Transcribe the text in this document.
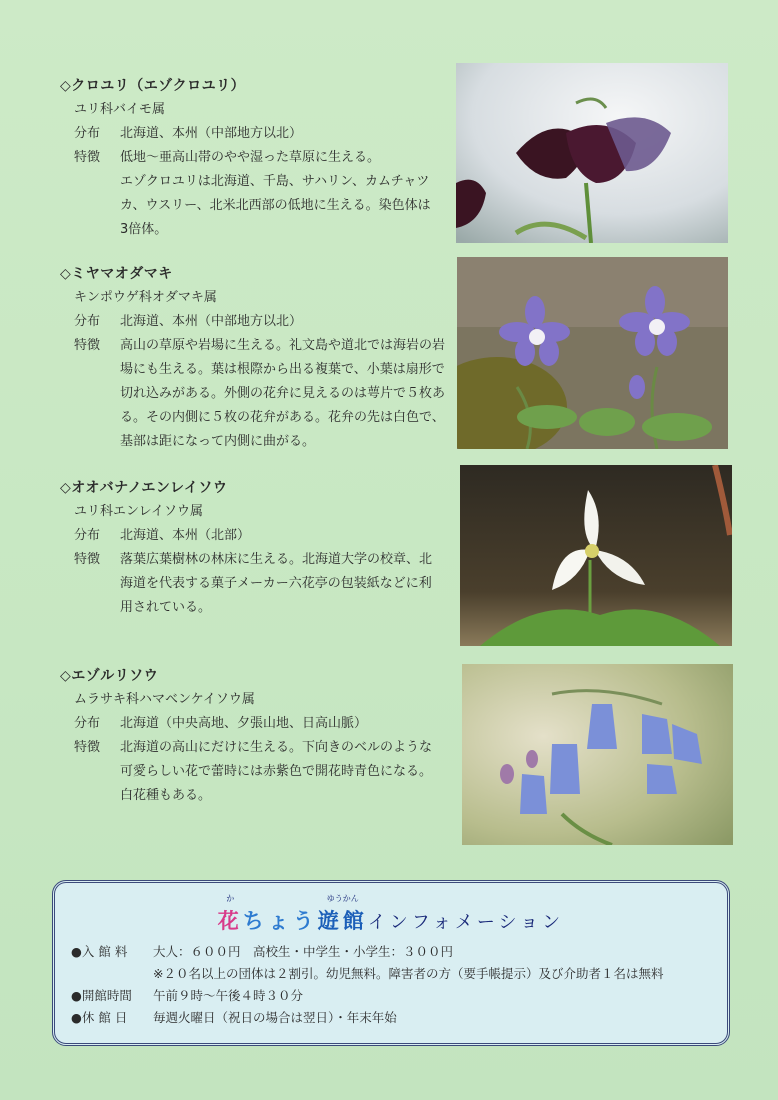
◇クロユリ（エゾクロユリ）
ユリ科バイモ属
分布	北海道、本州（中部地方以北）
特徴	低地～亜高山帯のやや湿った草原に生える。
エゾクロユリは北海道、千島、サハリン、カムチャツ
カ、ウスリー、北米北西部の低地に生える。染色体は
3倍体。
◇ミヤマオダマキ
キンポウゲ科オダマキ属
分布	北海道、本州（中部地方以北）
特徴	高山の草原や岩場に生える。礼文島や道北では海岩の岩
場にも生える。葉は根際から出る複葉で、小葉は扇形で
切れ込みがある。外側の花弁に見えるのは萼片で５枚あ
る。その内側に５枚の花弁がある。花弁の先は白色で、
基部は距になって内側に曲がる。
◇オオバナノエンレイソウ
ユリ科エンレイソウ属
分布	北海道、本州（北部）
特徴	落葉広葉樹林の林床に生える。北海道大学の校章、北
海道を代表する菓子メーカー六花亭の包装紙などに利
用されている。
◇エゾルリソウ
ムラサキ科ハマベンケイソウ属
分布	北海道（中央高地、夕張山地、日高山脈）
特徴	北海道の高山にだけに生える。下向きのベルのような
可愛らしい花で蕾時には赤紫色で開花時青色になる。
白花種もある。
か
花ちょう
ゆうかん
遊館インフォメーション
●入 館 料	大人：６００円　高校生・中学生・小学生：３００円
※２０名以上の団体は２割引。幼児無料。障害者の方（要手帳提示）及び介助者１名は無料
●開館時間	午前９時～午後４時３０分
●休 館 日	毎週火曜日（祝日の場合は翌日）・年末年始
